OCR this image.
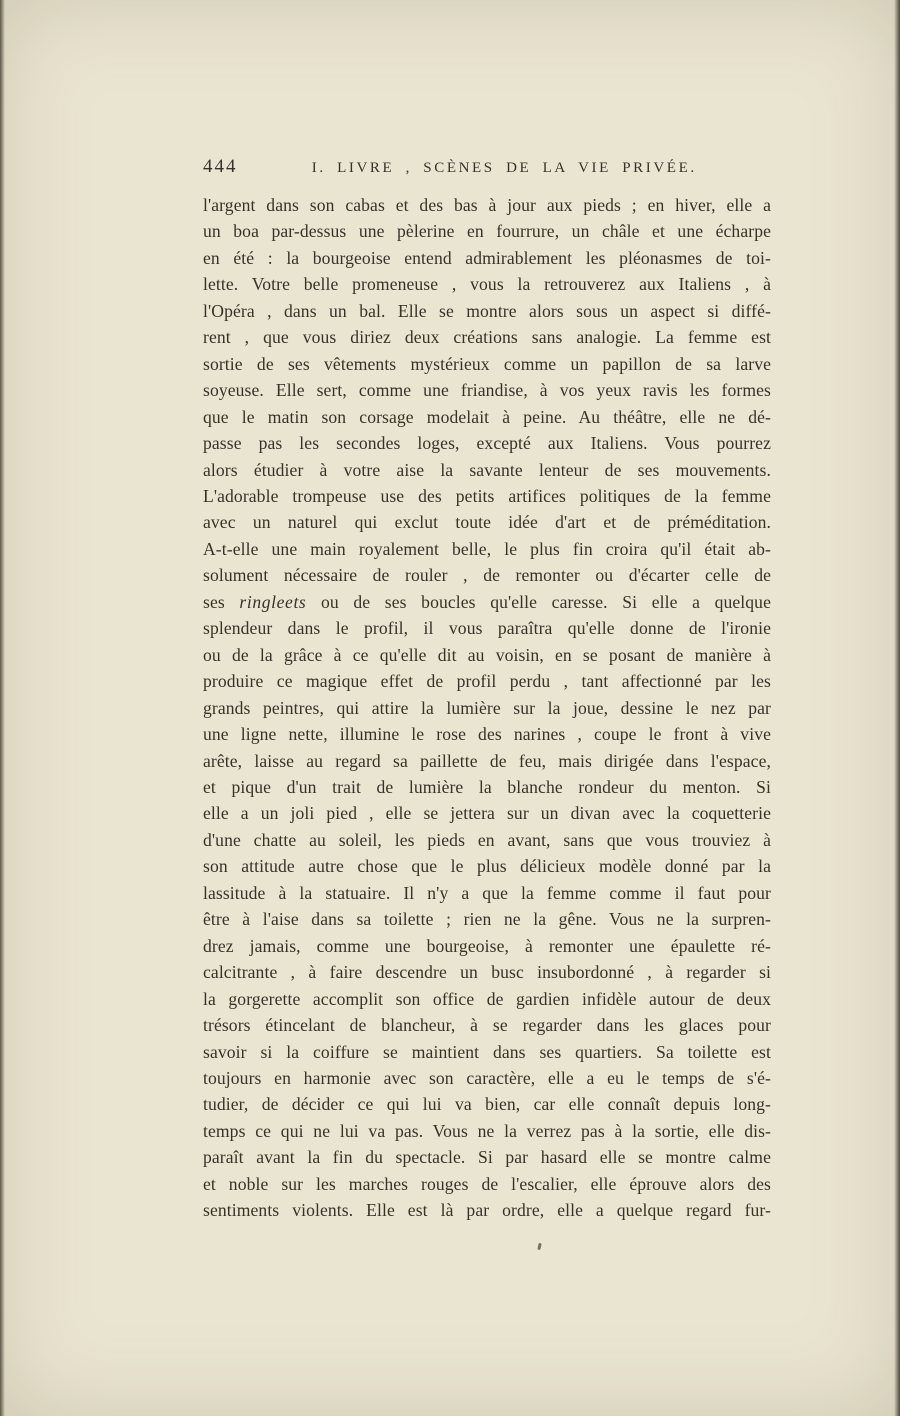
444	I. LIVRE , SCÈNES DE LA VIE PRIVÉE.
l'argent dans son cabas et des bas à jour aux pieds ; en hiver, elle a
un boa par-dessus une pèlerine en fourrure, un châle et une écharpe
en été : la bourgeoise entend admirablement les pléonasmes de toi-
lette. Votre belle promeneuse , vous la retrouverez aux Italiens , à
l'Opéra , dans un bal. Elle se montre alors sous un aspect si diffé-
rent , que vous diriez deux créations sans analogie. La femme est
sortie de ses vêtements mystérieux comme un papillon de sa larve
soyeuse. Elle sert, comme une friandise, à vos yeux ravis les formes
que le matin son corsage modelait à peine. Au théâtre, elle ne dé-
passe pas les secondes loges, excepté aux Italiens. Vous pourrez
alors étudier à votre aise la savante lenteur de ses mouvements.
L'adorable trompeuse use des petits artifices politiques de la femme
avec un naturel qui exclut toute idée d'art et de préméditation.
A-t-elle une main royalement belle, le plus fin croira qu'il était ab-
solument nécessaire de rouler , de remonter ou d'écarter celle de
ses ringleets ou de ses boucles qu'elle caresse. Si elle a quelque
splendeur dans le profil, il vous paraîtra qu'elle donne de l'ironie
ou de la grâce à ce qu'elle dit au voisin, en se posant de manière à
produire ce magique effet de profil perdu , tant affectionné par les
grands peintres, qui attire la lumière sur la joue, dessine le nez par
une ligne nette, illumine le rose des narines , coupe le front à vive
arête, laisse au regard sa paillette de feu, mais dirigée dans l'espace,
et pique d'un trait de lumière la blanche rondeur du menton. Si
elle a un joli pied , elle se jettera sur un divan avec la coquetterie
d'une chatte au soleil, les pieds en avant, sans que vous trouviez à
son attitude autre chose que le plus délicieux modèle donné par la
lassitude à la statuaire. Il n'y a que la femme comme il faut pour
être à l'aise dans sa toilette ; rien ne la gêne. Vous ne la surpren-
drez jamais, comme une bourgeoise, à remonter une épaulette ré-
calcitrante , à faire descendre un busc insubordonné , à regarder si
la gorgerette accomplit son office de gardien infidèle autour de deux
trésors étincelant de blancheur, à se regarder dans les glaces pour
savoir si la coiffure se maintient dans ses quartiers. Sa toilette est
toujours en harmonie avec son caractère, elle a eu le temps de s'é-
tudier, de décider ce qui lui va bien, car elle connaît depuis long-
temps ce qui ne lui va pas. Vous ne la verrez pas à la sortie, elle dis-
paraît avant la fin du spectacle. Si par hasard elle se montre calme
et noble sur les marches rouges de l'escalier, elle éprouve alors des
sentiments violents. Elle est là par ordre, elle a quelque regard fur-
